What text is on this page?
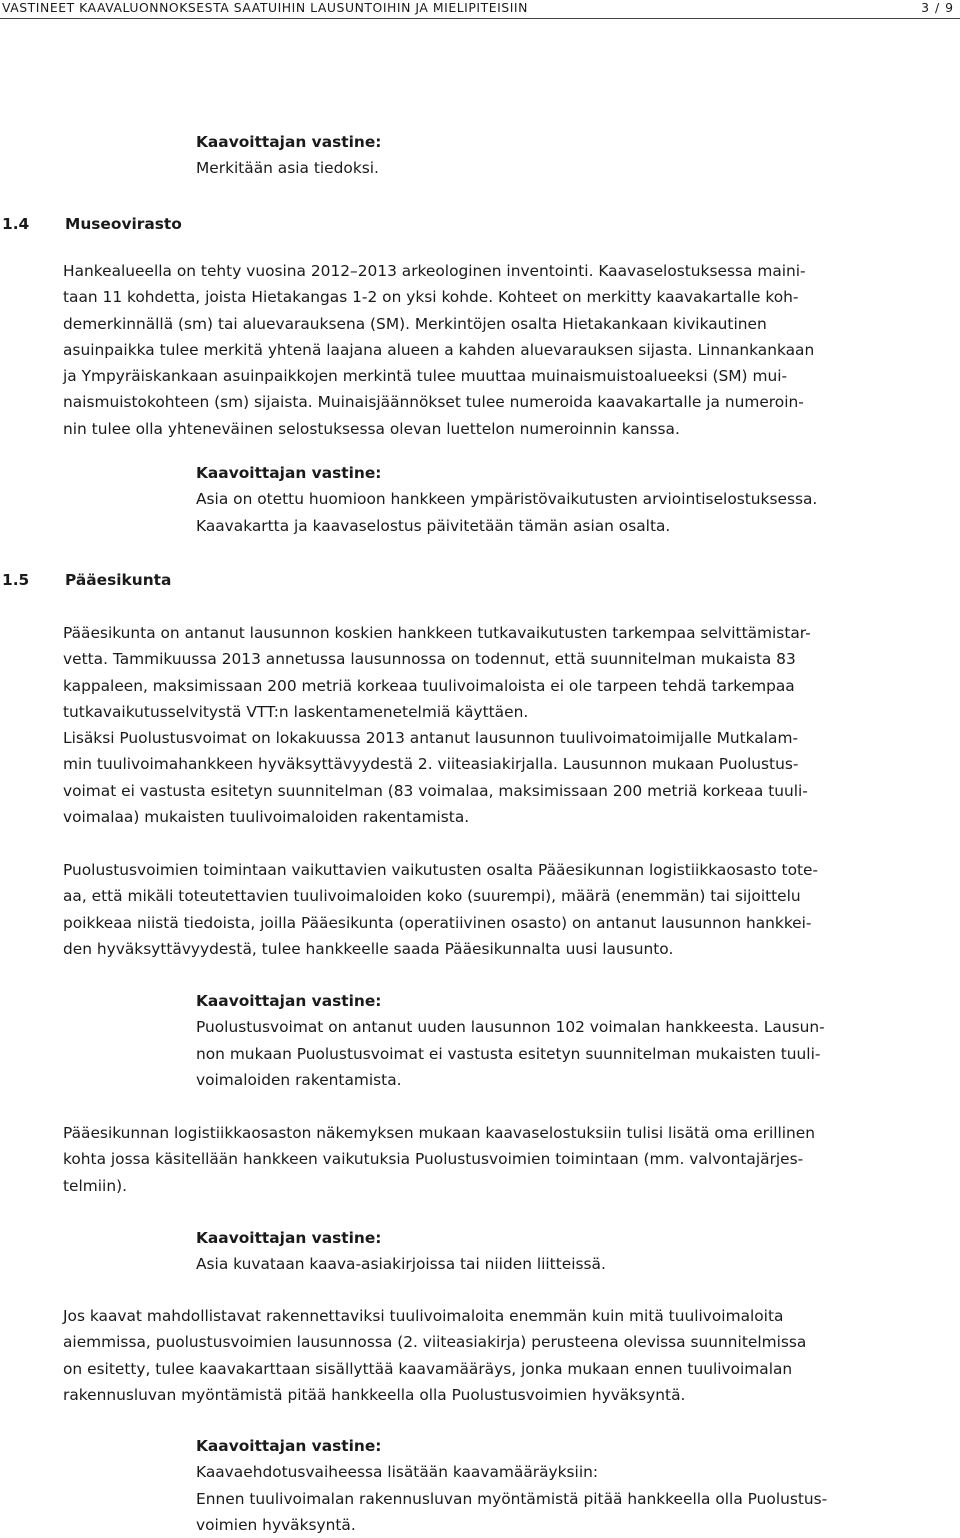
VASTINEET KAAVALUONNOKSESTA SAATUIHIN LAUSUNTOIHIN JA MIELIPITEISIIN	3 / 9
Kaavoittajan vastine:
Merkitään asia tiedoksi.
1.4 Museovirasto
Hankealueella on tehty vuosina 2012–2013 arkeologinen inventointi. Kaavaselostuksessa maini-
taan 11 kohdetta, joista Hietakangas 1-2 on yksi kohde. Kohteet on merkitty kaavakartalle koh-
demerkinnällä (sm) tai aluevarauksena (SM). Merkintöjen osalta Hietakankaan kivikautinen
asuinpaikka tulee merkitä yhtenä laajana alueen a kahden aluevarauksen sijasta. Linnankankaan
ja Ympyräiskankaan asuinpaikkojen merkintä tulee muuttaa muinaismuistoalueeksi (SM) mui-
naismuistokohteen (sm) sijaista. Muinaisjäännökset tulee numeroida kaavakartalle ja numeroin-
nin tulee olla yhteneväinen selostuksessa olevan luettelon numeroinnin kanssa.
Kaavoittajan vastine:
Asia on otettu huomioon hankkeen ympäristövaikutusten arviointiselostuksessa.
Kaavakartta ja kaavaselostus päivitetään tämän asian osalta.
1.5 Pääesikunta
Pääesikunta on antanut lausunnon koskien hankkeen tutkavaikutusten tarkempaa selvittämistar-
vetta. Tammikuussa 2013 annetussa lausunnossa on todennut, että suunnitelman mukaista 83
kappaleen, maksimissaan 200 metriä korkeaa tuulivoimaloista ei ole tarpeen tehdä tarkempaa
tutkavaikutusselvitystä VTT:n laskentamenetelmiä käyttäen.
Lisäksi Puolustusvoimat on lokakuussa 2013 antanut lausunnon tuulivoimatoimijalle Mutkalam-
min tuulivoimahankkeen hyväksyttävyydestä 2. viiteasiakirjalla. Lausunnon mukaan Puolustus-
voimat ei vastusta esitetyn suunnitelman (83 voimalaa, maksimissaan 200 metriä korkeaa tuuli-
voimalaa) mukaisten tuulivoimaloiden rakentamista.
Puolustusvoimien toimintaan vaikuttavien vaikutusten osalta Pääesikunnan logistiikkaosasto tote-
aa, että mikäli toteutettavien tuulivoimaloiden koko (suurempi), määrä (enemmän) tai sijoittelu
poikkeaa niistä tiedoista, joilla Pääesikunta (operatiivinen osasto) on antanut lausunnon hankkei-
den hyväksyttävyydestä, tulee hankkeelle saada Pääesikunnalta uusi lausunto.
Kaavoittajan vastine:
Puolustusvoimat on antanut uuden lausunnon 102 voimalan hankkeesta. Lausun-
non mukaan Puolustusvoimat ei vastusta esitetyn suunnitelman mukaisten tuuli-
voimaloiden rakentamista.
Pääesikunnan logistiikkaosaston näkemyksen mukaan kaavaselostuksiin tulisi lisätä oma erillinen
kohta jossa käsitellään hankkeen vaikutuksia Puolustusvoimien toimintaan (mm. valvontajärjes-
telmiin).
Kaavoittajan vastine:
Asia kuvataan kaava-asiakirjoissa tai niiden liitteissä.
Jos kaavat mahdollistavat rakennettaviksi tuulivoimaloita enemmän kuin mitä tuulivoimaloita
aiemmissa, puolustusvoimien lausunnossa (2. viiteasiakirja) perusteena olevissa suunnitelmissa
on esitetty, tulee kaavakarttaan sisällyttää kaavamääräys, jonka mukaan ennen tuulivoimalan
rakennusluvan myöntämistä pitää hankkeella olla Puolustusvoimien hyväksyntä.
Kaavoittajan vastine:
Kaavaehdotusvaiheessa lisätään kaavamääräyksiin:
Ennen tuulivoimalan rakennusluvan myöntämistä pitää hankkeella olla Puolustus-
voimien hyväksyntä.
